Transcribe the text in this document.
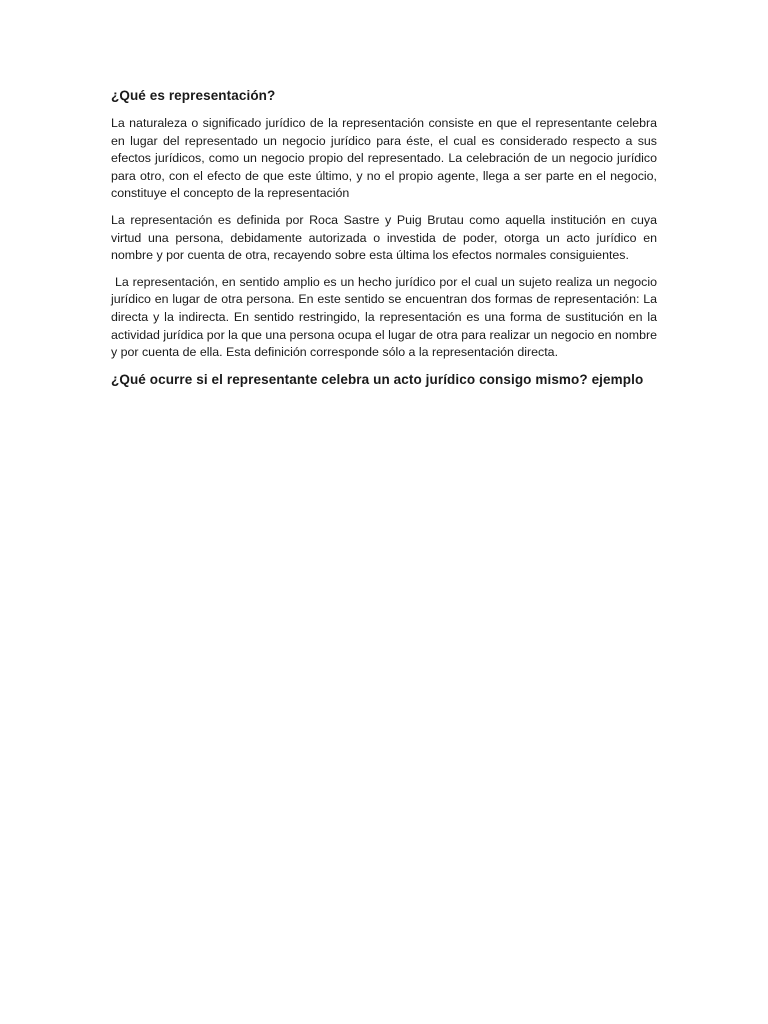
¿Qué es representación?

La naturaleza o significado jurídico de la representación consiste en que el representante celebra en lugar del representado un negocio jurídico para éste, el cual es considerado respecto a sus efectos jurídicos, como un negocio propio del representado. La celebración de un negocio jurídico para otro, con el efecto de que este último, y no el propio agente, llega a ser parte en el negocio, constituye el concepto de la representación

La representación es definida por Roca Sastre y Puig Brutau como aquella institución en cuya virtud una persona, debidamente autorizada o investida de poder, otorga un acto jurídico en nombre y por cuenta de otra, recayendo sobre esta última los efectos normales consiguientes.

La representación, en sentido amplio es un hecho jurídico por el cual un sujeto realiza un negocio jurídico en lugar de otra persona. En este sentido se encuentran dos formas de representación: La directa y la indirecta. En sentido restringido, la representación es una forma de sustitución en la actividad jurídica por la que una persona ocupa el lugar de otra para realizar un negocio en nombre y por cuenta de ella. Esta definición corresponde sólo a la representación directa.

¿Qué ocurre si el representante celebra un acto jurídico consigo mismo? ejemplo
